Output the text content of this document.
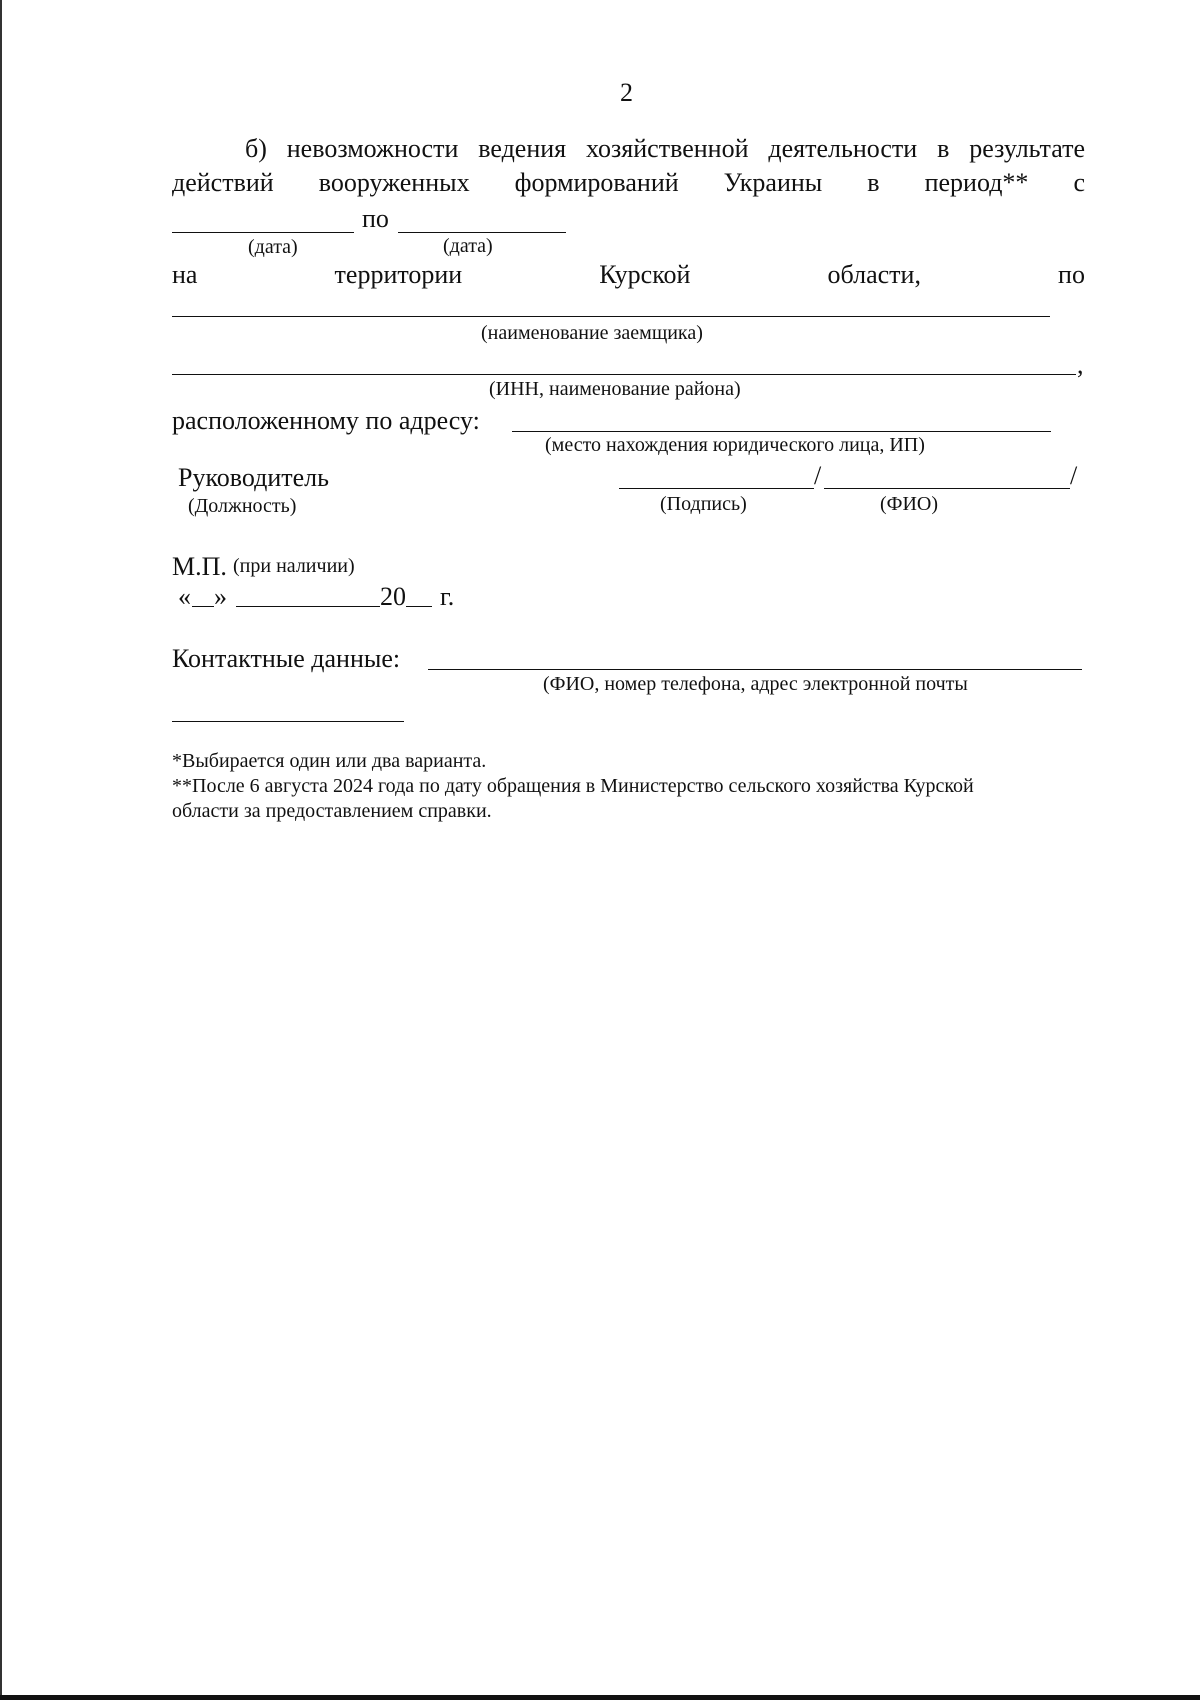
2
б) невозможности ведения хозяйственной деятельности в результате
действий вооруженных формирований Украины в период** с
по
(дата)	(дата)
на	территории	Курской	области,	по
(наименование заемщика)
,
(ИНН, наименование района)
расположенному по адресу:
(место нахождения юридического лица, ИП)
Руководитель
(Должность)
/	/
(Подпись)	(ФИО)
М.П. (при наличии)
« »	20 г.
Контактные данные:
(ФИО, номер телефона, адрес электронной почты
*Выбирается один или два варианта.
**После 6 августа 2024 года по дату обращения в Министерство сельского хозяйства Курской
области за предоставлением справки.
